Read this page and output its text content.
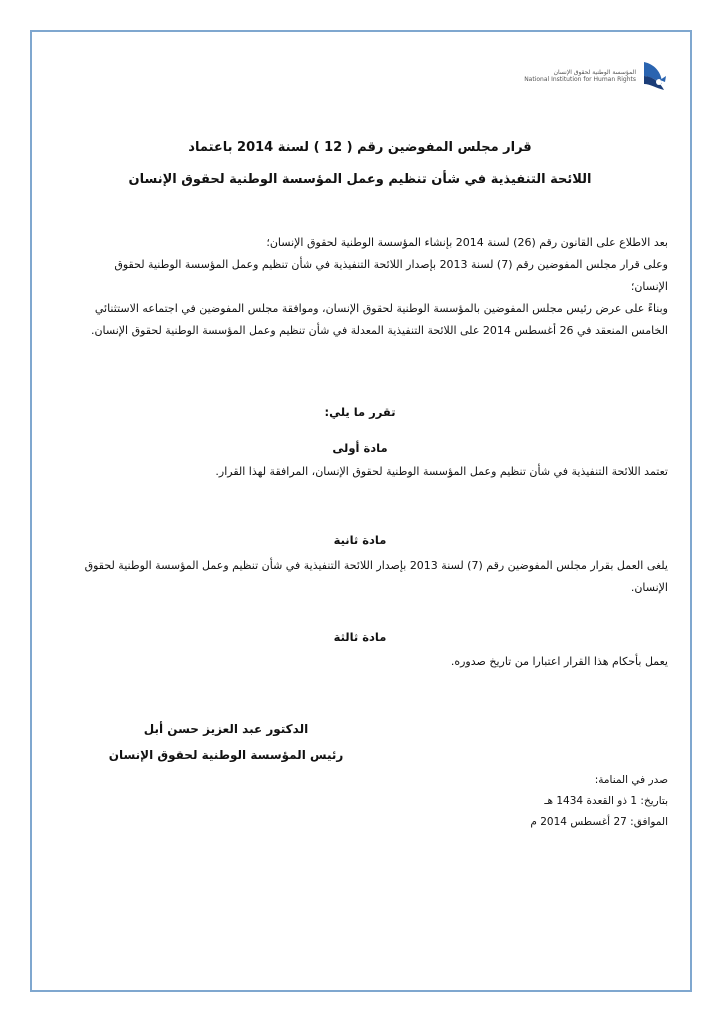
المؤسسة الوطنية لحقوق الإنسان
National Institution for Human Rights
قرار مجلس المفوضين رقم ( 12 ) لسنة 2014 باعتماد
اللائحة التنفيذية في شأن تنظيم وعمل المؤسسة الوطنية لحقوق الإنسان

بعد الاطلاع على القانون رقم (26) لسنة 2014 بإنشاء المؤسسة الوطنية لحقوق الإنسان؛

وعلى قرار مجلس المفوضين رقم (7) لسنة 2013 بإصدار اللائحة التنفيذية في شأن تنظيم وعمل المؤسسة الوطنية لحقوق الإنسان؛

وبناءً على عرض رئيس مجلس المفوضين بالمؤسسة الوطنية لحقوق الإنسان، وموافقة مجلس المفوضين في اجتماعه الاستثنائي الخامس المنعقد في 26 أغسطس 2014 على اللائحة التنفيذية المعدلة في شأن تنظيم وعمل المؤسسة الوطنية لحقوق الإنسان.

تقرر ما يلي:
مادة أولى

تعتمد اللائحة التنفيذية في شأن تنظيم وعمل المؤسسة الوطنية لحقوق الإنسان، المرافقة لهذا القرار.

مادة ثانية

يلغى العمل بقرار مجلس المفوضين رقم (7) لسنة 2013 بإصدار اللائحة التنفيذية في شأن تنظيم وعمل المؤسسة الوطنية لحقوق الإنسان.

مادة ثالثة

يعمل بأحكام هذا القرار اعتبارا من تاريخ صدوره.

الدكتور عبد العزيز حسن أبل
رئيس المؤسسة الوطنية لحقوق الإنسان
صدر في المنامة:
بتاريخ: 1 ذو القعدة 1434 هـ
الموافق: 27 أغسطس 2014 م
